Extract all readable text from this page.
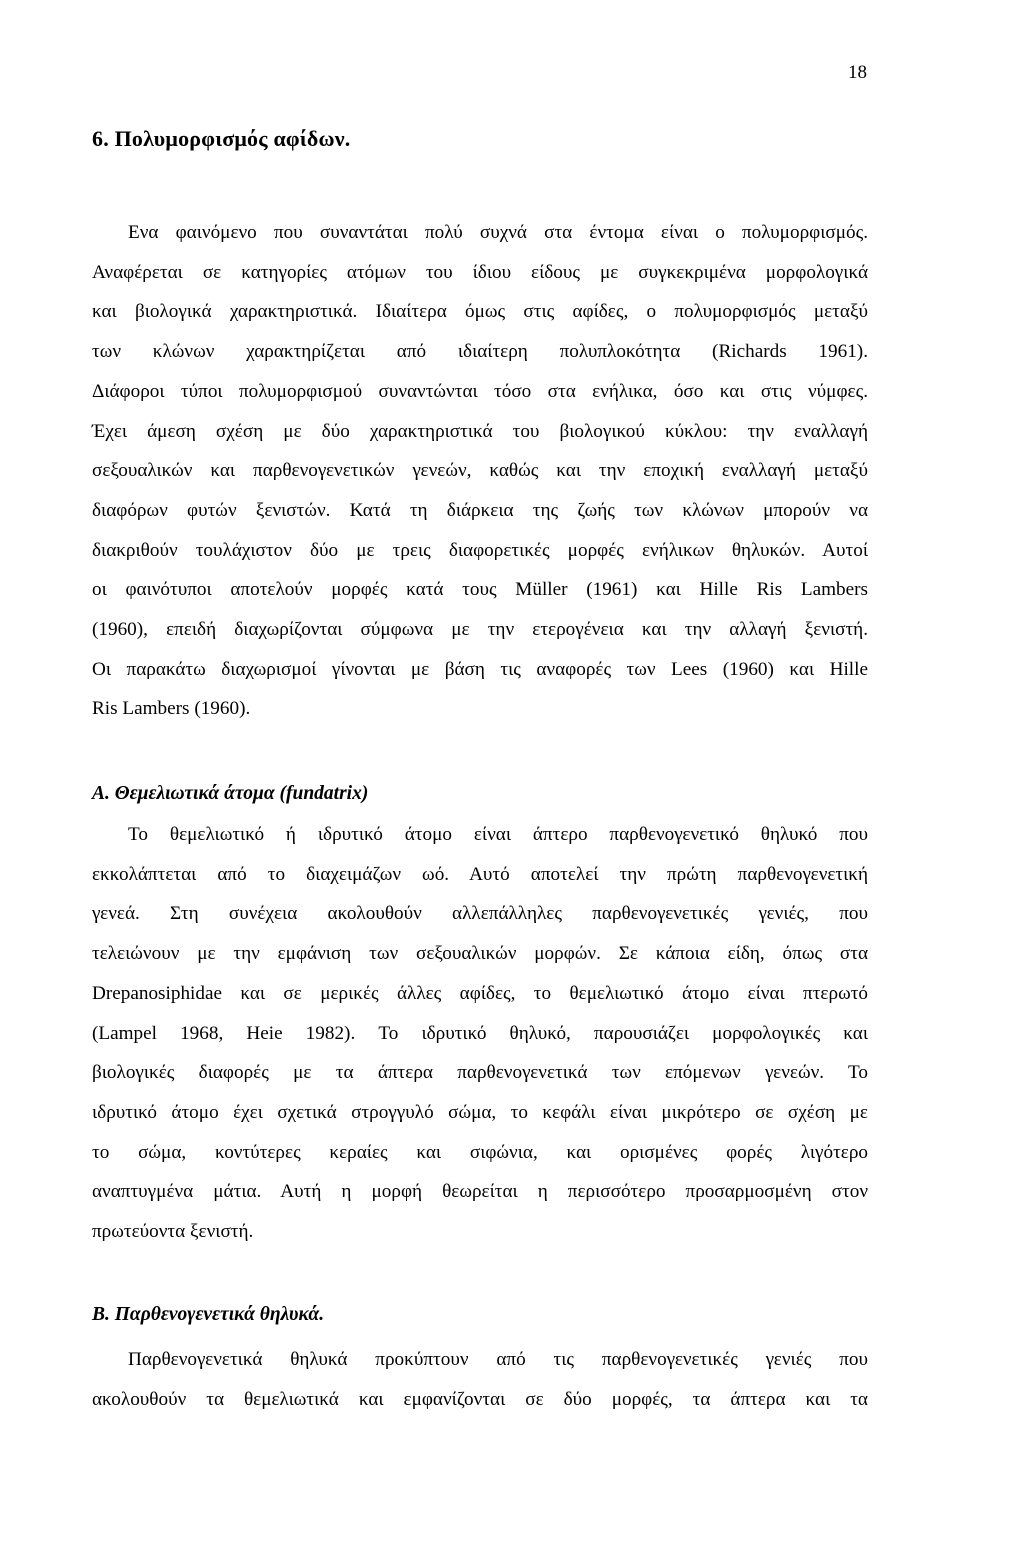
18
6. Πολυμορφισμός αφίδων.
Ενα φαινόμενο που συναντάται πολύ συχνά στα έντομα είναι ο πολυμορφισμός.
Αναφέρεται σε κατηγορίες ατόμων του ίδιου είδους με συγκεκριμένα μορφολογικά
και βιολογικά χαρακτηριστικά. Ιδιαίτερα όμως στις αφίδες, ο πολυμορφισμός μεταξύ
των κλώνων χαρακτηρίζεται από ιδιαίτερη πολυπλοκότητα (Richards 1961).
Διάφοροι τύποι πολυμορφισμού συναντώνται τόσο στα ενήλικα, όσο και στις νύμφες.
Έχει άμεση σχέση με δύο χαρακτηριστικά του βιολογικού κύκλου: την εναλλαγή
σεξουαλικών και παρθενογενετικών γενεών, καθώς και την εποχική εναλλαγή μεταξύ
διαφόρων φυτών ξενιστών. Κατά τη διάρκεια της ζωής των κλώνων μπορούν να
διακριθούν τουλάχιστον δύο με τρεις διαφορετικές μορφές ενήλικων θηλυκών. Αυτοί
οι φαινότυποι αποτελούν μορφές κατά τους Müller (1961) και Hille Ris Lambers
(1960), επειδή διαχωρίζονται σύμφωνα με την ετερογένεια και την αλλαγή ξενιστή.
Οι παρακάτω διαχωρισμοί γίνονται με βάση τις αναφορές των Lees (1960) και Hille
Ris Lambers (1960).
Α. Θεμελιωτικά άτομα (fundatrix)
Το θεμελιωτικό ή ιδρυτικό άτομο είναι άπτερο παρθενογενετικό θηλυκό που
εκκολάπτεται από το διαχειμάζων ωό. Αυτό αποτελεί την πρώτη παρθενογενετική
γενεά. Στη συνέχεια ακολουθούν αλλεπάλληλες παρθενογενετικές γενιές, που
τελειώνουν με την εμφάνιση των σεξουαλικών μορφών. Σε κάποια είδη, όπως στα
Drepanosiphidae και σε μερικές άλλες αφίδες, το θεμελιωτικό άτομο είναι πτερωτό
(Lampel 1968, Heie 1982). Το ιδρυτικό θηλυκό, παρουσιάζει μορφολογικές και
βιολογικές διαφορές με τα άπτερα παρθενογενετικά των επόμενων γενεών. Το
ιδρυτικό άτομο έχει σχετικά στρογγυλό σώμα, το κεφάλι είναι μικρότερο σε σχέση με
το σώμα, κοντύτερες κεραίες και σιφώνια, και ορισμένες φορές λιγότερο
αναπτυγμένα μάτια. Αυτή η μορφή θεωρείται η περισσότερο προσαρμοσμένη στον
πρωτεύοντα ξενιστή.
Β. Παρθενογενετικά θηλυκά.
Παρθενογενετικά θηλυκά προκύπτουν από τις παρθενογενετικές γενιές που
ακολουθούν τα θεμελιωτικά και εμφανίζονται σε δύο μορφές, τα άπτερα και τα
